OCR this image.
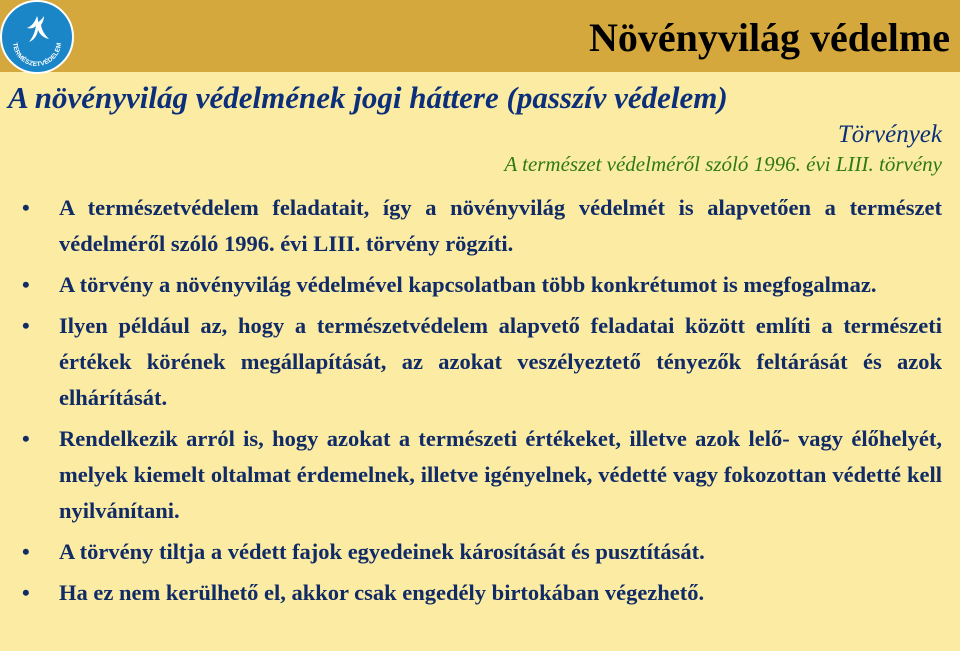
TERMÉSZETVÉDELEM	Növényvilág védelme
A növényvilág védelmének jogi háttere (passzív védelem)
Törvények
A természet védelméről szóló 1996. évi LIII. törvény
•	A természetvédelem feladatait, így a növényvilág védelmét is alapvetően a természet védelméről szóló 1996. évi LIII. törvény rögzíti.
•	A törvény a növényvilág védelmével kapcsolatban több konkrétumot is megfogalmaz.
•	Ilyen például az, hogy a természetvédelem alapvető feladatai között említi a természeti értékek körének megállapítását, az azokat veszélyeztető tényezők feltárását és azok elhárítását.
•	Rendelkezik arról is, hogy azokat a természeti értékeket, illetve azok lelő- vagy élőhelyét, melyek kiemelt oltalmat érdemelnek, illetve igényelnek, védetté vagy fokozottan védetté kell nyilvánítani.
•	A törvény tiltja a védett fajok egyedeinek károsítását és pusztítását.
•	Ha ez nem kerülhető el, akkor csak engedély birtokában végezhető.
